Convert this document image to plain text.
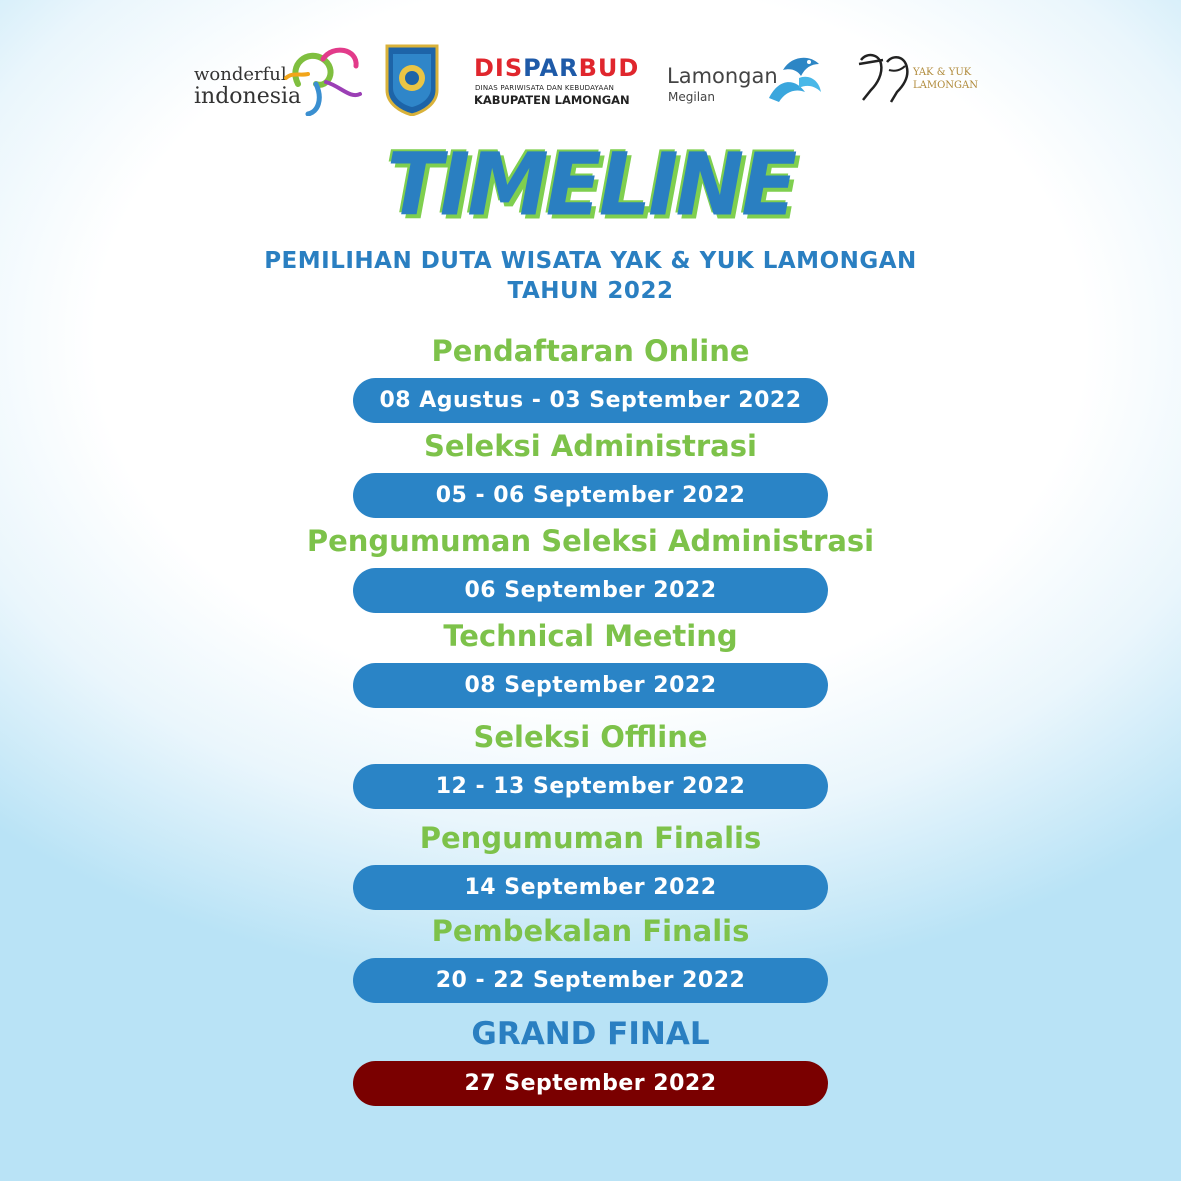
wonderful
indonesia
DISPARBUD
DINAS PARIWISATA DAN KEBUDAYAAN
KABUPATEN LAMONGAN
Lamongan
Megilan
YAK & YUK
LAMONGAN
TIMELINE
PEMILIHAN DUTA WISATA YAK & YUK LAMONGAN
TAHUN 2022
Pendaftaran Online
08 Agustus - 03 September 2022
Seleksi Administrasi
05 - 06 September 2022
Pengumuman Seleksi Administrasi
06 September 2022
Technical Meeting
08 September 2022
Seleksi Offline
12 - 13 September 2022
Pengumuman Finalis
14 September 2022
Pembekalan Finalis
20 - 22 September 2022
GRAND FINAL
27 September 2022
